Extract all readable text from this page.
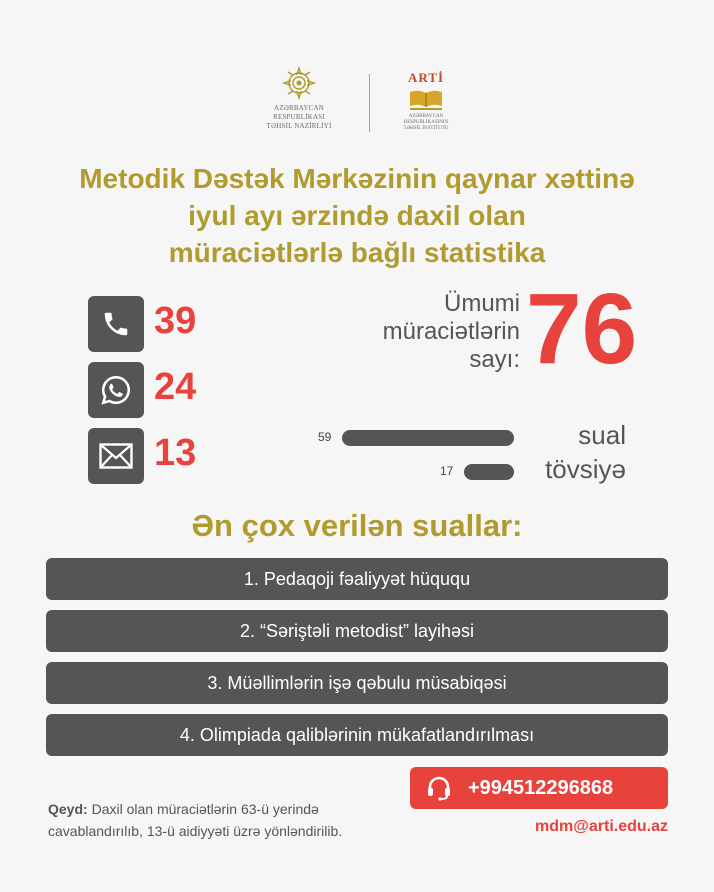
AZƏRBAYCAN RESPUBLİKASI
TƏHSİL NAZİRLİYİ
ARTİ
AZƏRBAYCAN RESPUBLİKASININ
TƏHSİL İNSTİTUTU
Metodik Dəstək Mərkəzinin qaynar xəttinə
iyul ayı ərzində daxil olan
müraciətlərlə bağlı statistika
39
24
13
Ümumi
müraciətlərin
sayı: 76
59	sual
17	tövsiyə
Ən çox verilən suallar:
1. Pedaqoji fəaliyyət hüququ
2. “Səriştəli metodist” layihəsi
3. Müəllimlərin işə qəbulu müsabiqəsi
4. Olimpiada qaliblərinin mükafatlandırılması
Qeyd: Daxil olan müraciətlərin 63-ü yerində cavablandırılıb, 13-ü aidiyyəti üzrə yönləndirilib.
+994512296868
mdm@arti.edu.az
